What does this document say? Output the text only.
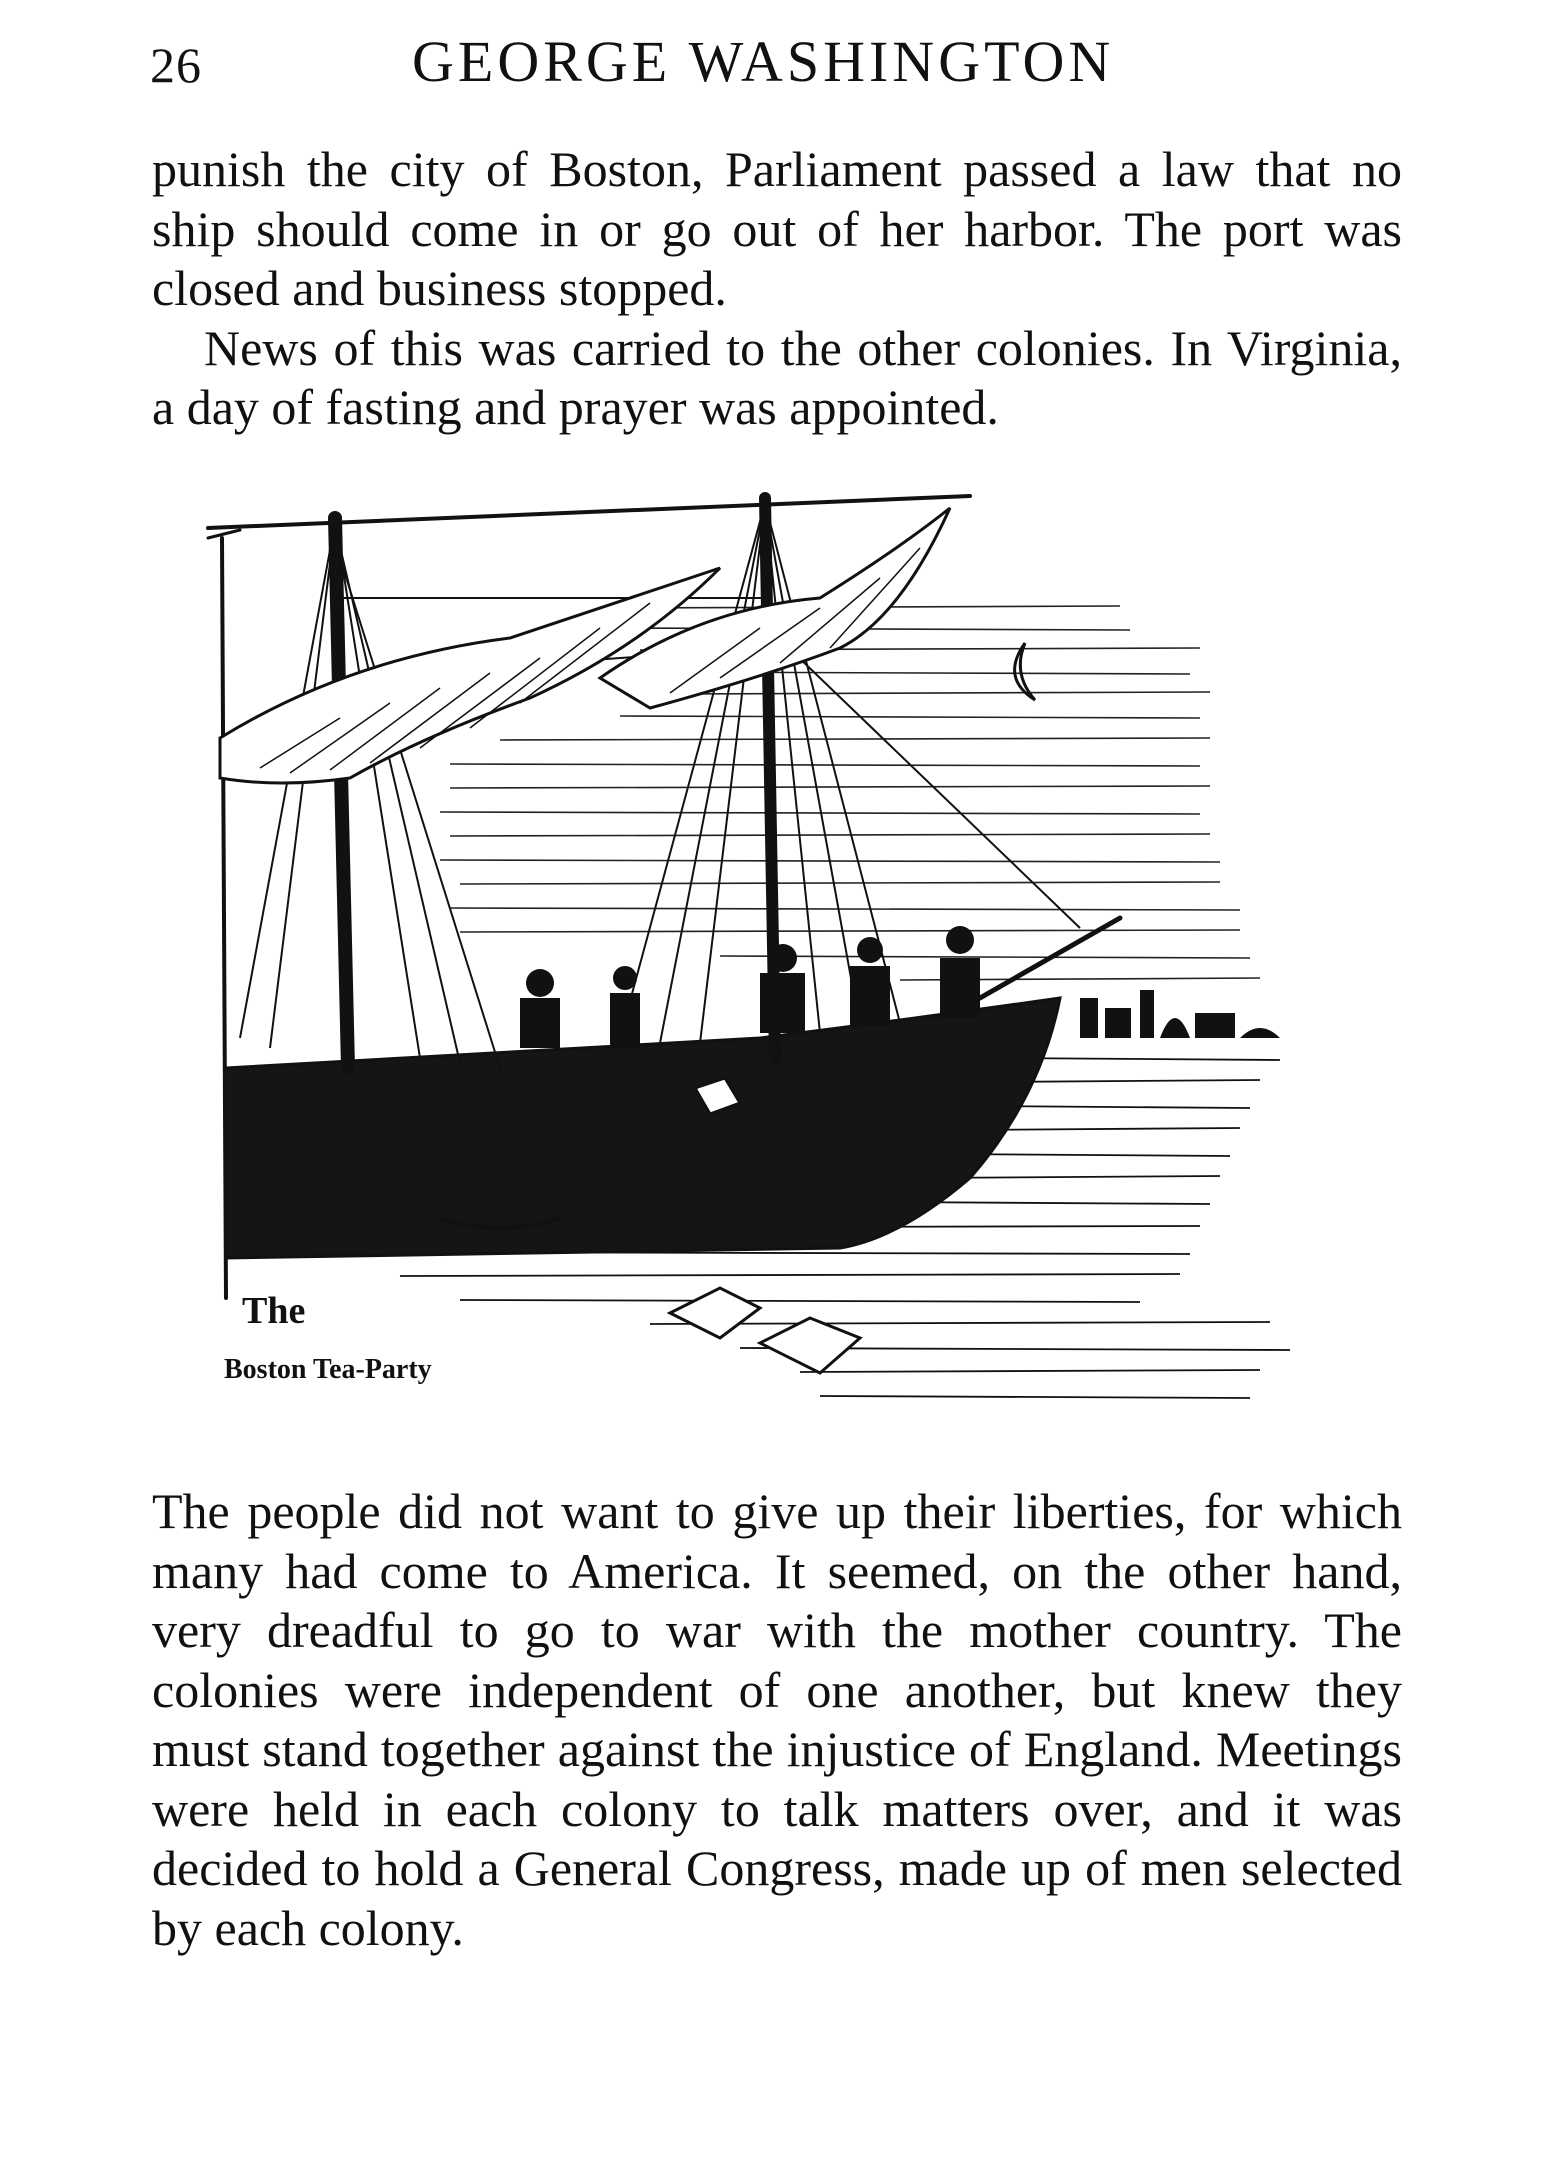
26	GEORGE WASHINGTON

punish the city of Boston, Parliament passed a law that no ship should come in or go out of her harbor. The port was closed and business stopped.

News of this was carried to the other colonies. In Virginia, a day of fasting and prayer was appointed.

The
Boston Tea-Party

The people did not want to give up their liberties, for which many had come to America. It seemed, on the other hand, very dreadful to go to war with the mother country. The colonies were independent of one another, but knew they must stand together against the injustice of England. Meetings were held in each colony to talk matters over, and it was decided to hold a General Congress, made up of men selected by each colony.
